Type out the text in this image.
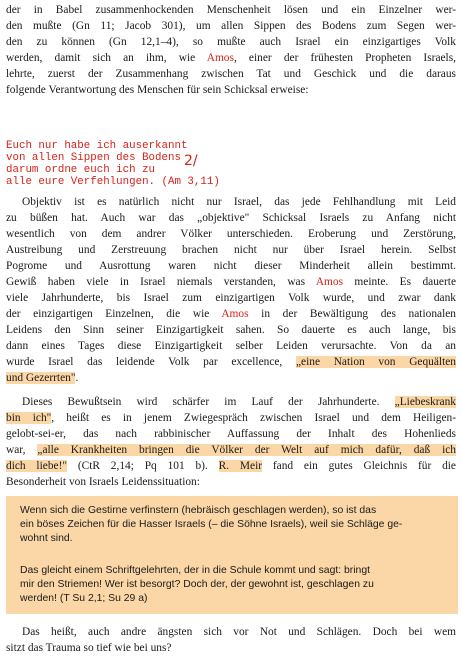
der in Babel zusammenhockenden Menschenheit lösen und ein Einzelner wer-
den mußte (Gn 11; Jacob 301), um allen Sippen des Bodens zum Segen wer-
den zu können (Gn 12,1–4), so mußte auch Israel ein einzigartiges Volk
werden, damit sich an ihm, wie Amos, einer der frühesten Propheten Israels,
lehrte, zuerst der Zusammenhang zwischen Tat und Geschick und die daraus
folgende Verantwortung des Menschen für sein Schicksal erweise:
Euch nur habe ich auserkannt
von allen Sippen des Bodens
darum ordne euch ich zu
alle eure Verfehlungen. (Am 3,11)
2/
Objektiv ist es natürlich nicht nur Israel, das jede Fehlhandlung mit Leid
zu büßen hat. Auch war das „objektive" Schicksal Israels zu Anfang nicht
wesentlich von dem andrer Völker unterschieden. Eroberung und Zerstörung,
Austreibung und Zerstreuung brachen nicht nur über Israel herein. Selbst
Pogrome und Ausrottung waren nicht dieser Minderheit allein bestimmt.
Gewiß haben viele in Israel niemals verstanden, was Amos meinte. Es dauerte
viele Jahrhunderte, bis Israel zum einzigartigen Volk wurde, und zwar dank
der einzigartigen Einzelnen, die wie Amos in der Bewältigung des nationalen
Leidens den Sinn seiner Einzigartigkeit sahen. So dauerte es auch lange, bis
dann eines Tages diese Einzigartigkeit selber Leiden verursachte. Von da an
wurde Israel das leidende Volk par excellence, „eine Nation von Gequälten
und Gezerrten".
Dieses Bewußtsein wird schärfer im Lauf der Jahrhunderte. „Liebeskrank
bin ich", heißt es in jenem Zwiegespräch zwischen Israel und dem Heiligen-
gelobt-sei-er, das nach rabbinischer Auffassung der Inhalt des Hohenlieds
war, „alle Krankheiten bringen die Völker der Welt auf mich dafür, daß ich
dich liebe!" (CtR 2,14; Pq 101 b). R. Meir fand ein gutes Gleichnis für die
Besonderheit von Israels Leidenssituation:
Wenn sich die Gestirne verfinstern (hebräisch geschlagen werden), so ist das
ein böses Zeichen für die Hasser Israels (– die Söhne Israels), weil sie Schläge ge-
wohnt sind.
Das gleicht einem Schriftgelehrten, der in die Schule kommt und sagt: bringt
mir den Striemen! Wer ist besorgt? Doch der, der gewohnt ist, geschlagen zu
werden! (T Su 2,1; Su 29 a)
Das heißt, auch andre ängsten sich vor Not und Schlägen. Doch bei wem
sitzt das Trauma so tief wie bei uns?
